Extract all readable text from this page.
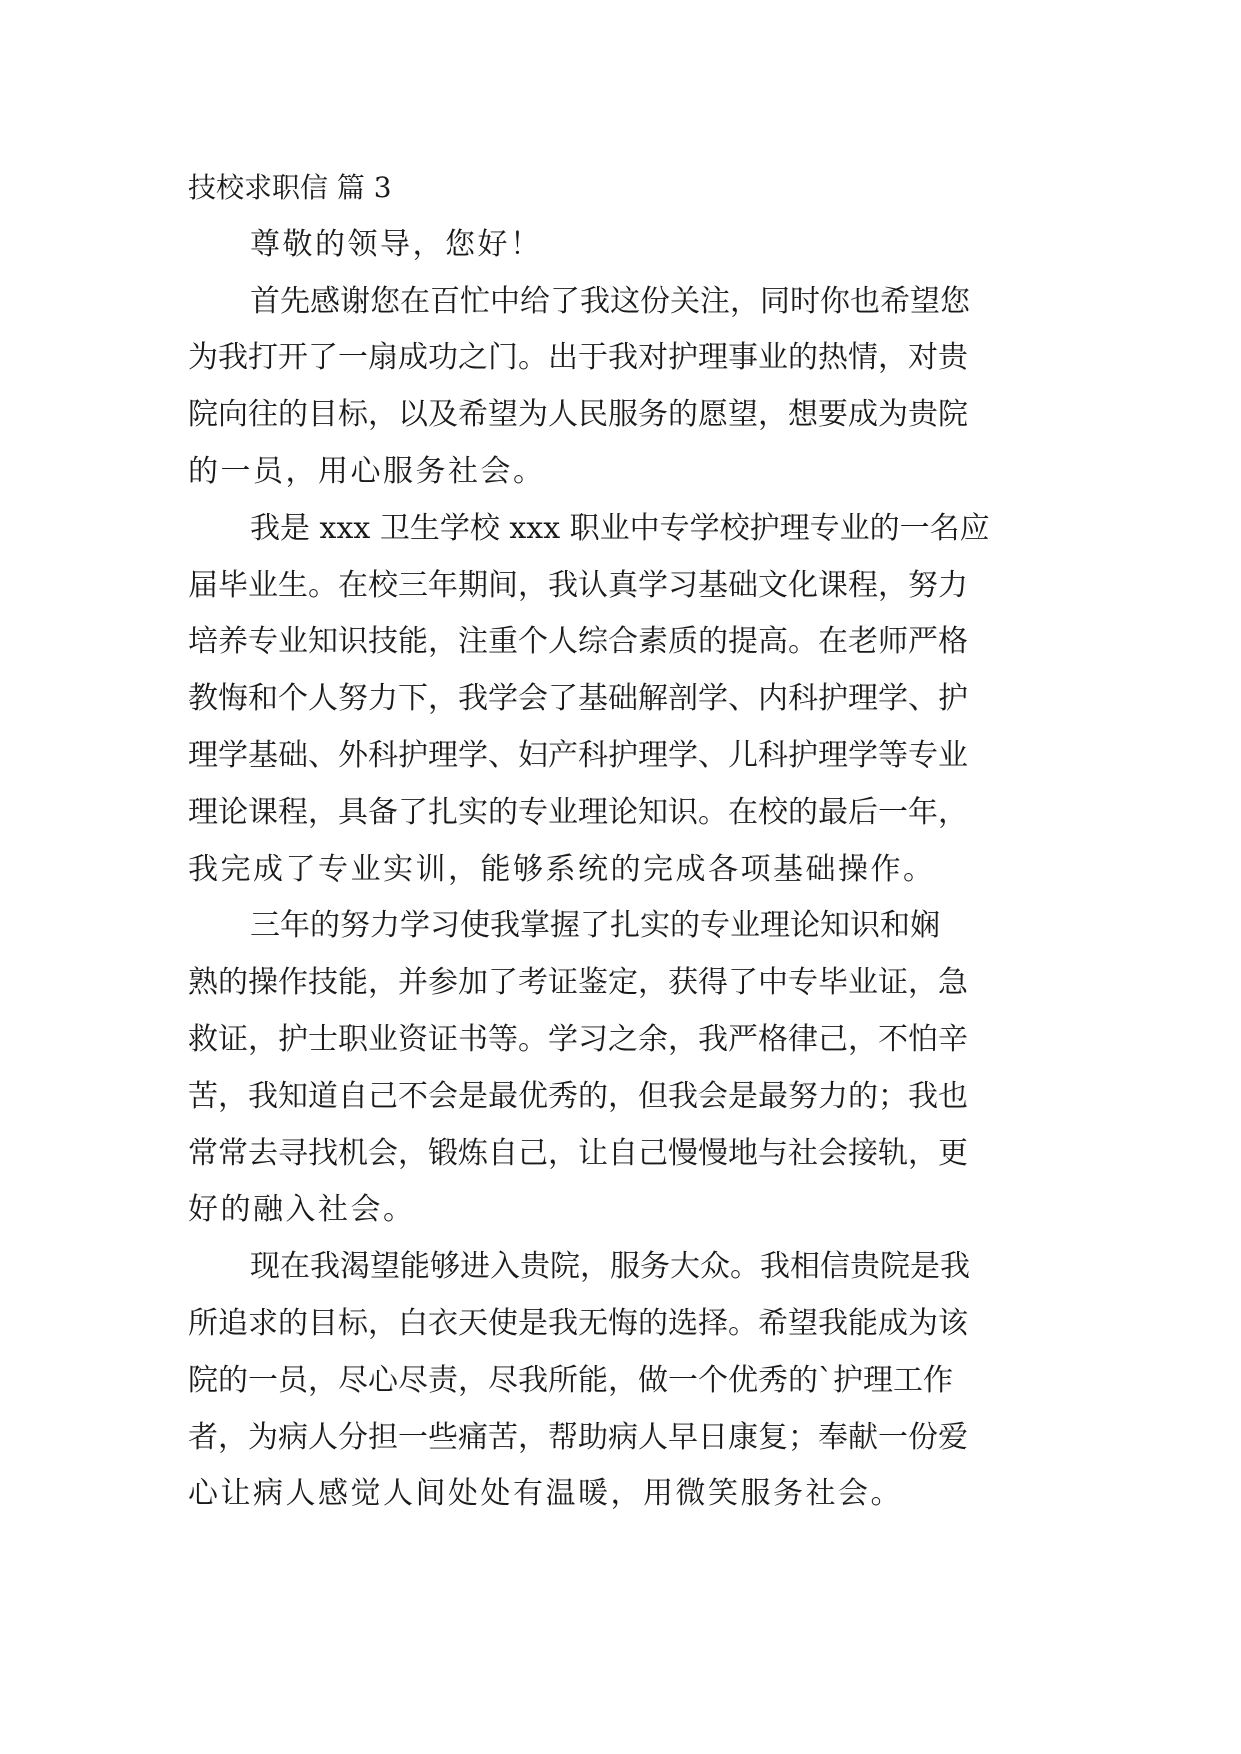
技校求职信 篇 3
尊敬的领导，您好！
首先感谢您在百忙中给了我这份关注，同时你也希望您
为我打开了一扇成功之门。出于我对护理事业的热情，对贵
院向往的目标，以及希望为人民服务的愿望，想要成为贵院
的一员，用心服务社会。
我是 xxx 卫生学校 xxx 职业中专学校护理专业的一名应
届毕业生。在校三年期间，我认真学习基础文化课程，努力
培养专业知识技能，注重个人综合素质的提高。在老师严格
教悔和个人努力下，我学会了基础解剖学、内科护理学、护
理学基础、外科护理学、妇产科护理学、儿科护理学等专业
理论课程，具备了扎实的专业理论知识。在校的最后一年，
我完成了专业实训，能够系统的完成各项基础操作。
三年的努力学习使我掌握了扎实的专业理论知识和娴
熟的操作技能，并参加了考证鉴定，获得了中专毕业证，急
救证，护士职业资证书等。学习之余，我严格律己，不怕辛
苦，我知道自己不会是最优秀的，但我会是最努力的；我也
常常去寻找机会，锻炼自己，让自己慢慢地与社会接轨，更
好的融入社会。
现在我渴望能够进入贵院，服务大众。我相信贵院是我
所追求的目标，白衣天使是我无悔的选择。希望我能成为该
院的一员，尽心尽责，尽我所能，做一个优秀的`护理工作
者，为病人分担一些痛苦，帮助病人早日康复；奉献一份爱
心让病人感觉人间处处有温暖，用微笑服务社会。
